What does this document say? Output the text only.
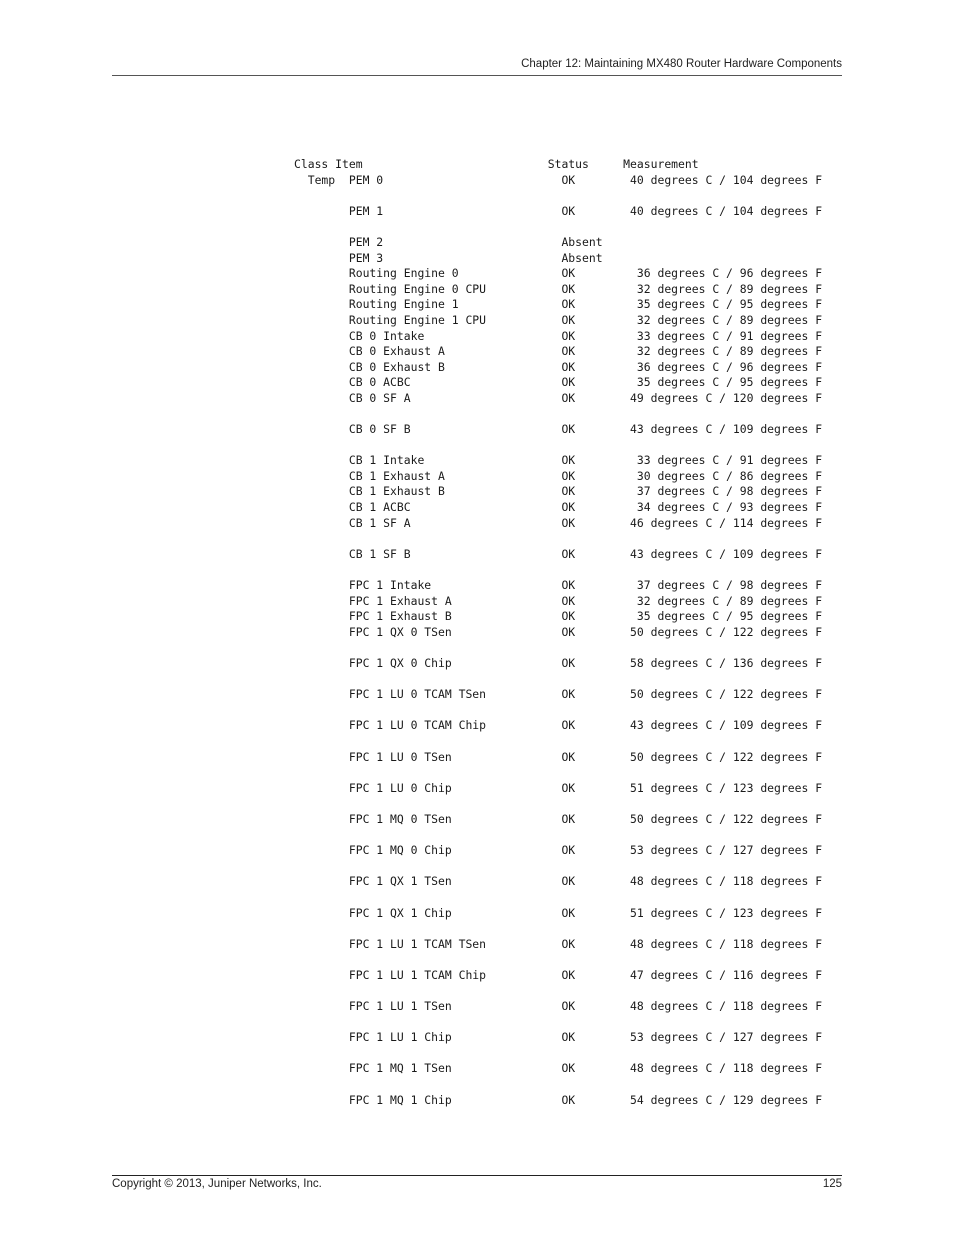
Chapter 12: Maintaining MX480 Router Hardware Components
Class Item                           Status     Measurement
Temp  PEM 0                          OK        40 degrees C / 104 degrees F
PEM 1                          OK        40 degrees C / 104 degrees F
PEM 2                          Absent
PEM 3                          Absent
Routing Engine 0               OK         36 degrees C / 96 degrees F
Routing Engine 0 CPU           OK         32 degrees C / 89 degrees F
Routing Engine 1               OK         35 degrees C / 95 degrees F
Routing Engine 1 CPU           OK         32 degrees C / 89 degrees F
CB 0 Intake                    OK         33 degrees C / 91 degrees F
CB 0 Exhaust A                 OK         32 degrees C / 89 degrees F
CB 0 Exhaust B                 OK         36 degrees C / 96 degrees F
CB 0 ACBC                      OK         35 degrees C / 95 degrees F
CB 0 SF A                      OK        49 degrees C / 120 degrees F
CB 0 SF B                      OK        43 degrees C / 109 degrees F
CB 1 Intake                    OK         33 degrees C / 91 degrees F
CB 1 Exhaust A                 OK         30 degrees C / 86 degrees F
CB 1 Exhaust B                 OK         37 degrees C / 98 degrees F
CB 1 ACBC                      OK         34 degrees C / 93 degrees F
CB 1 SF A                      OK        46 degrees C / 114 degrees F
CB 1 SF B                      OK        43 degrees C / 109 degrees F
FPC 1 Intake                   OK         37 degrees C / 98 degrees F
FPC 1 Exhaust A                OK         32 degrees C / 89 degrees F
FPC 1 Exhaust B                OK         35 degrees C / 95 degrees F
FPC 1 QX 0 TSen                OK        50 degrees C / 122 degrees F
FPC 1 QX 0 Chip                OK        58 degrees C / 136 degrees F
FPC 1 LU 0 TCAM TSen           OK        50 degrees C / 122 degrees F
FPC 1 LU 0 TCAM Chip           OK        43 degrees C / 109 degrees F
FPC 1 LU 0 TSen                OK        50 degrees C / 122 degrees F
FPC 1 LU 0 Chip                OK        51 degrees C / 123 degrees F
FPC 1 MQ 0 TSen                OK        50 degrees C / 122 degrees F
FPC 1 MQ 0 Chip                OK        53 degrees C / 127 degrees F
FPC 1 QX 1 TSen                OK        48 degrees C / 118 degrees F
FPC 1 QX 1 Chip                OK        51 degrees C / 123 degrees F
FPC 1 LU 1 TCAM TSen           OK        48 degrees C / 118 degrees F
FPC 1 LU 1 TCAM Chip           OK        47 degrees C / 116 degrees F
FPC 1 LU 1 TSen                OK        48 degrees C / 118 degrees F
FPC 1 LU 1 Chip                OK        53 degrees C / 127 degrees F
FPC 1 MQ 1 TSen                OK        48 degrees C / 118 degrees F
FPC 1 MQ 1 Chip                OK        54 degrees C / 129 degrees F
Copyright © 2013, Juniper Networks, Inc.	125
